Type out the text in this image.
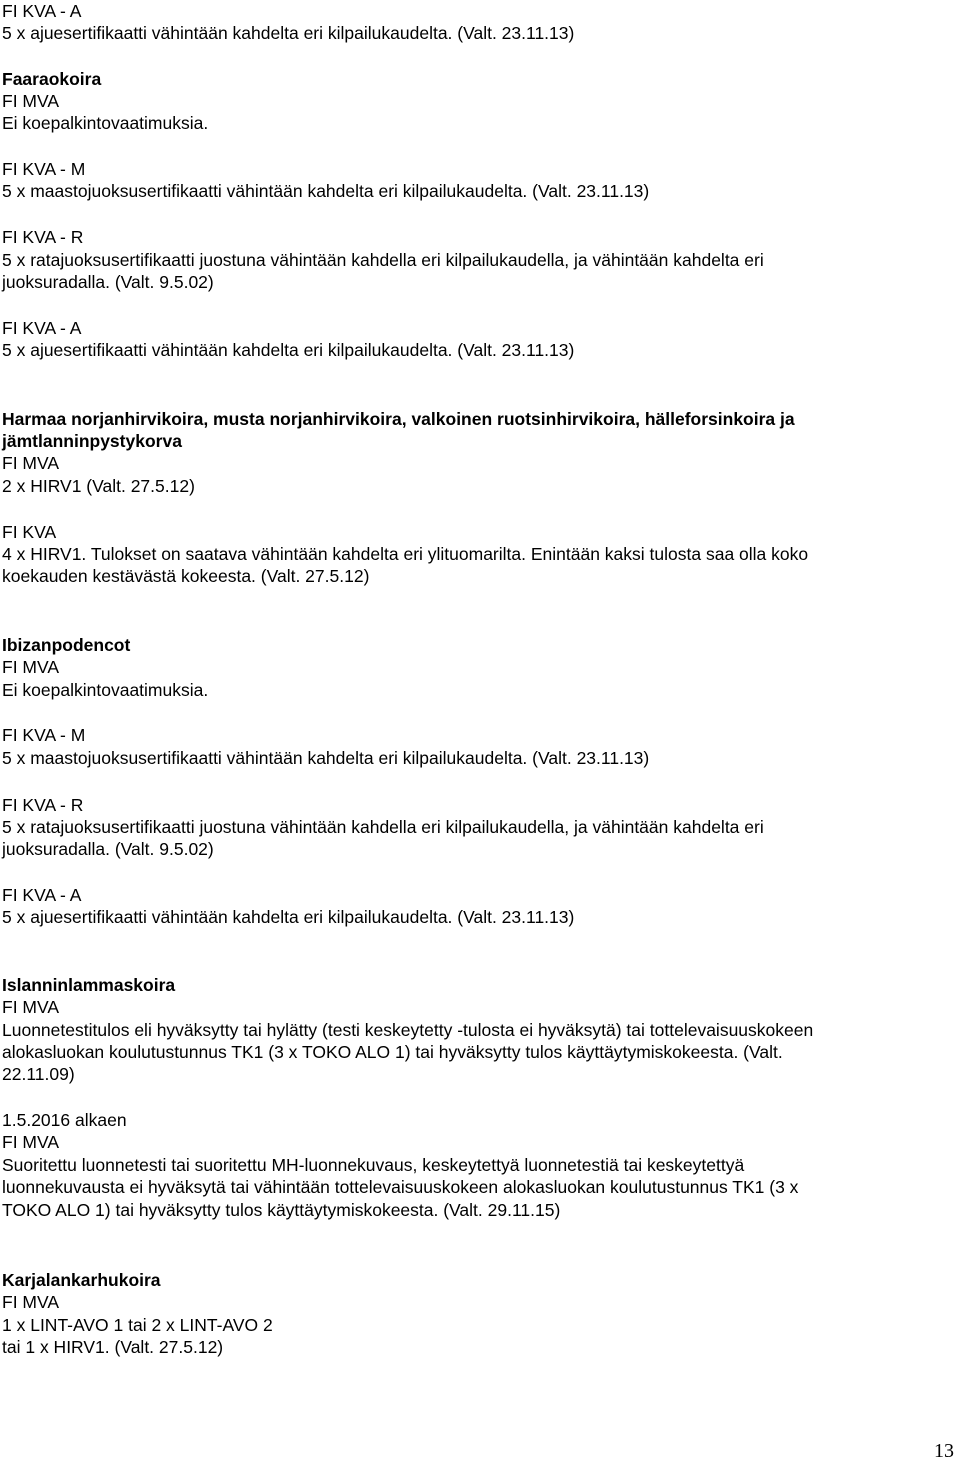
FI KVA - A
5 x ajuesertifikaatti vähintään kahdelta eri kilpailukaudelta. (Valt. 23.11.13)
Faaraokoira
FI MVA
Ei koepalkintovaatimuksia.
FI KVA - M
5 x maastojuoksusertifikaatti vähintään kahdelta eri kilpailukaudelta. (Valt. 23.11.13)
FI KVA - R
5 x ratajuoksusertifikaatti juostuna vähintään kahdella eri kilpailukaudella, ja vähintään kahdelta eri
juoksuradalla. (Valt. 9.5.02)
FI KVA - A
5 x ajuesertifikaatti vähintään kahdelta eri kilpailukaudelta. (Valt. 23.11.13)
Harmaa norjanhirvikoira, musta norjanhirvikoira, valkoinen ruotsinhirvikoira, hälleforsinkoira ja
jämtlanninpystykorva
FI MVA
2 x HIRV1 (Valt. 27.5.12)
FI KVA
4 x HIRV1. Tulokset on saatava vähintään kahdelta eri ylituomarilta. Enintään kaksi tulosta saa olla koko
koekauden kestävästä kokeesta. (Valt. 27.5.12)
Ibizanpodencot
FI MVA
Ei koepalkintovaatimuksia.
FI KVA - M
5 x maastojuoksusertifikaatti vähintään kahdelta eri kilpailukaudelta. (Valt. 23.11.13)
FI KVA - R
5 x ratajuoksusertifikaatti juostuna vähintään kahdella eri kilpailukaudella, ja vähintään kahdelta eri
juoksuradalla. (Valt. 9.5.02)
FI KVA - A
5 x ajuesertifikaatti vähintään kahdelta eri kilpailukaudelta. (Valt. 23.11.13)
Islanninlammaskoira
FI MVA
Luonnetestitulos eli hyväksytty tai hylätty (testi keskeytetty -tulosta ei hyväksytä) tai tottelevaisuuskokeen
alokasluokan koulutustunnus TK1 (3 x TOKO ALO 1) tai hyväksytty tulos käyttäytymiskokeesta. (Valt.
22.11.09)
1.5.2016 alkaen
FI MVA
Suoritettu luonnetesti tai suoritettu MH-luonnekuvaus, keskeytettyä luonnetestiä tai keskeytettyä
luonnekuvausta ei hyväksytä tai vähintään tottelevaisuuskokeen alokasluokan koulutustunnus TK1 (3 x
TOKO ALO 1) tai hyväksytty tulos käyttäytymiskokeesta. (Valt. 29.11.15)
Karjalankarhukoira
FI MVA
1 x LINT-AVO 1 tai 2 x LINT-AVO 2
tai 1 x HIRV1. (Valt. 27.5.12)
13
